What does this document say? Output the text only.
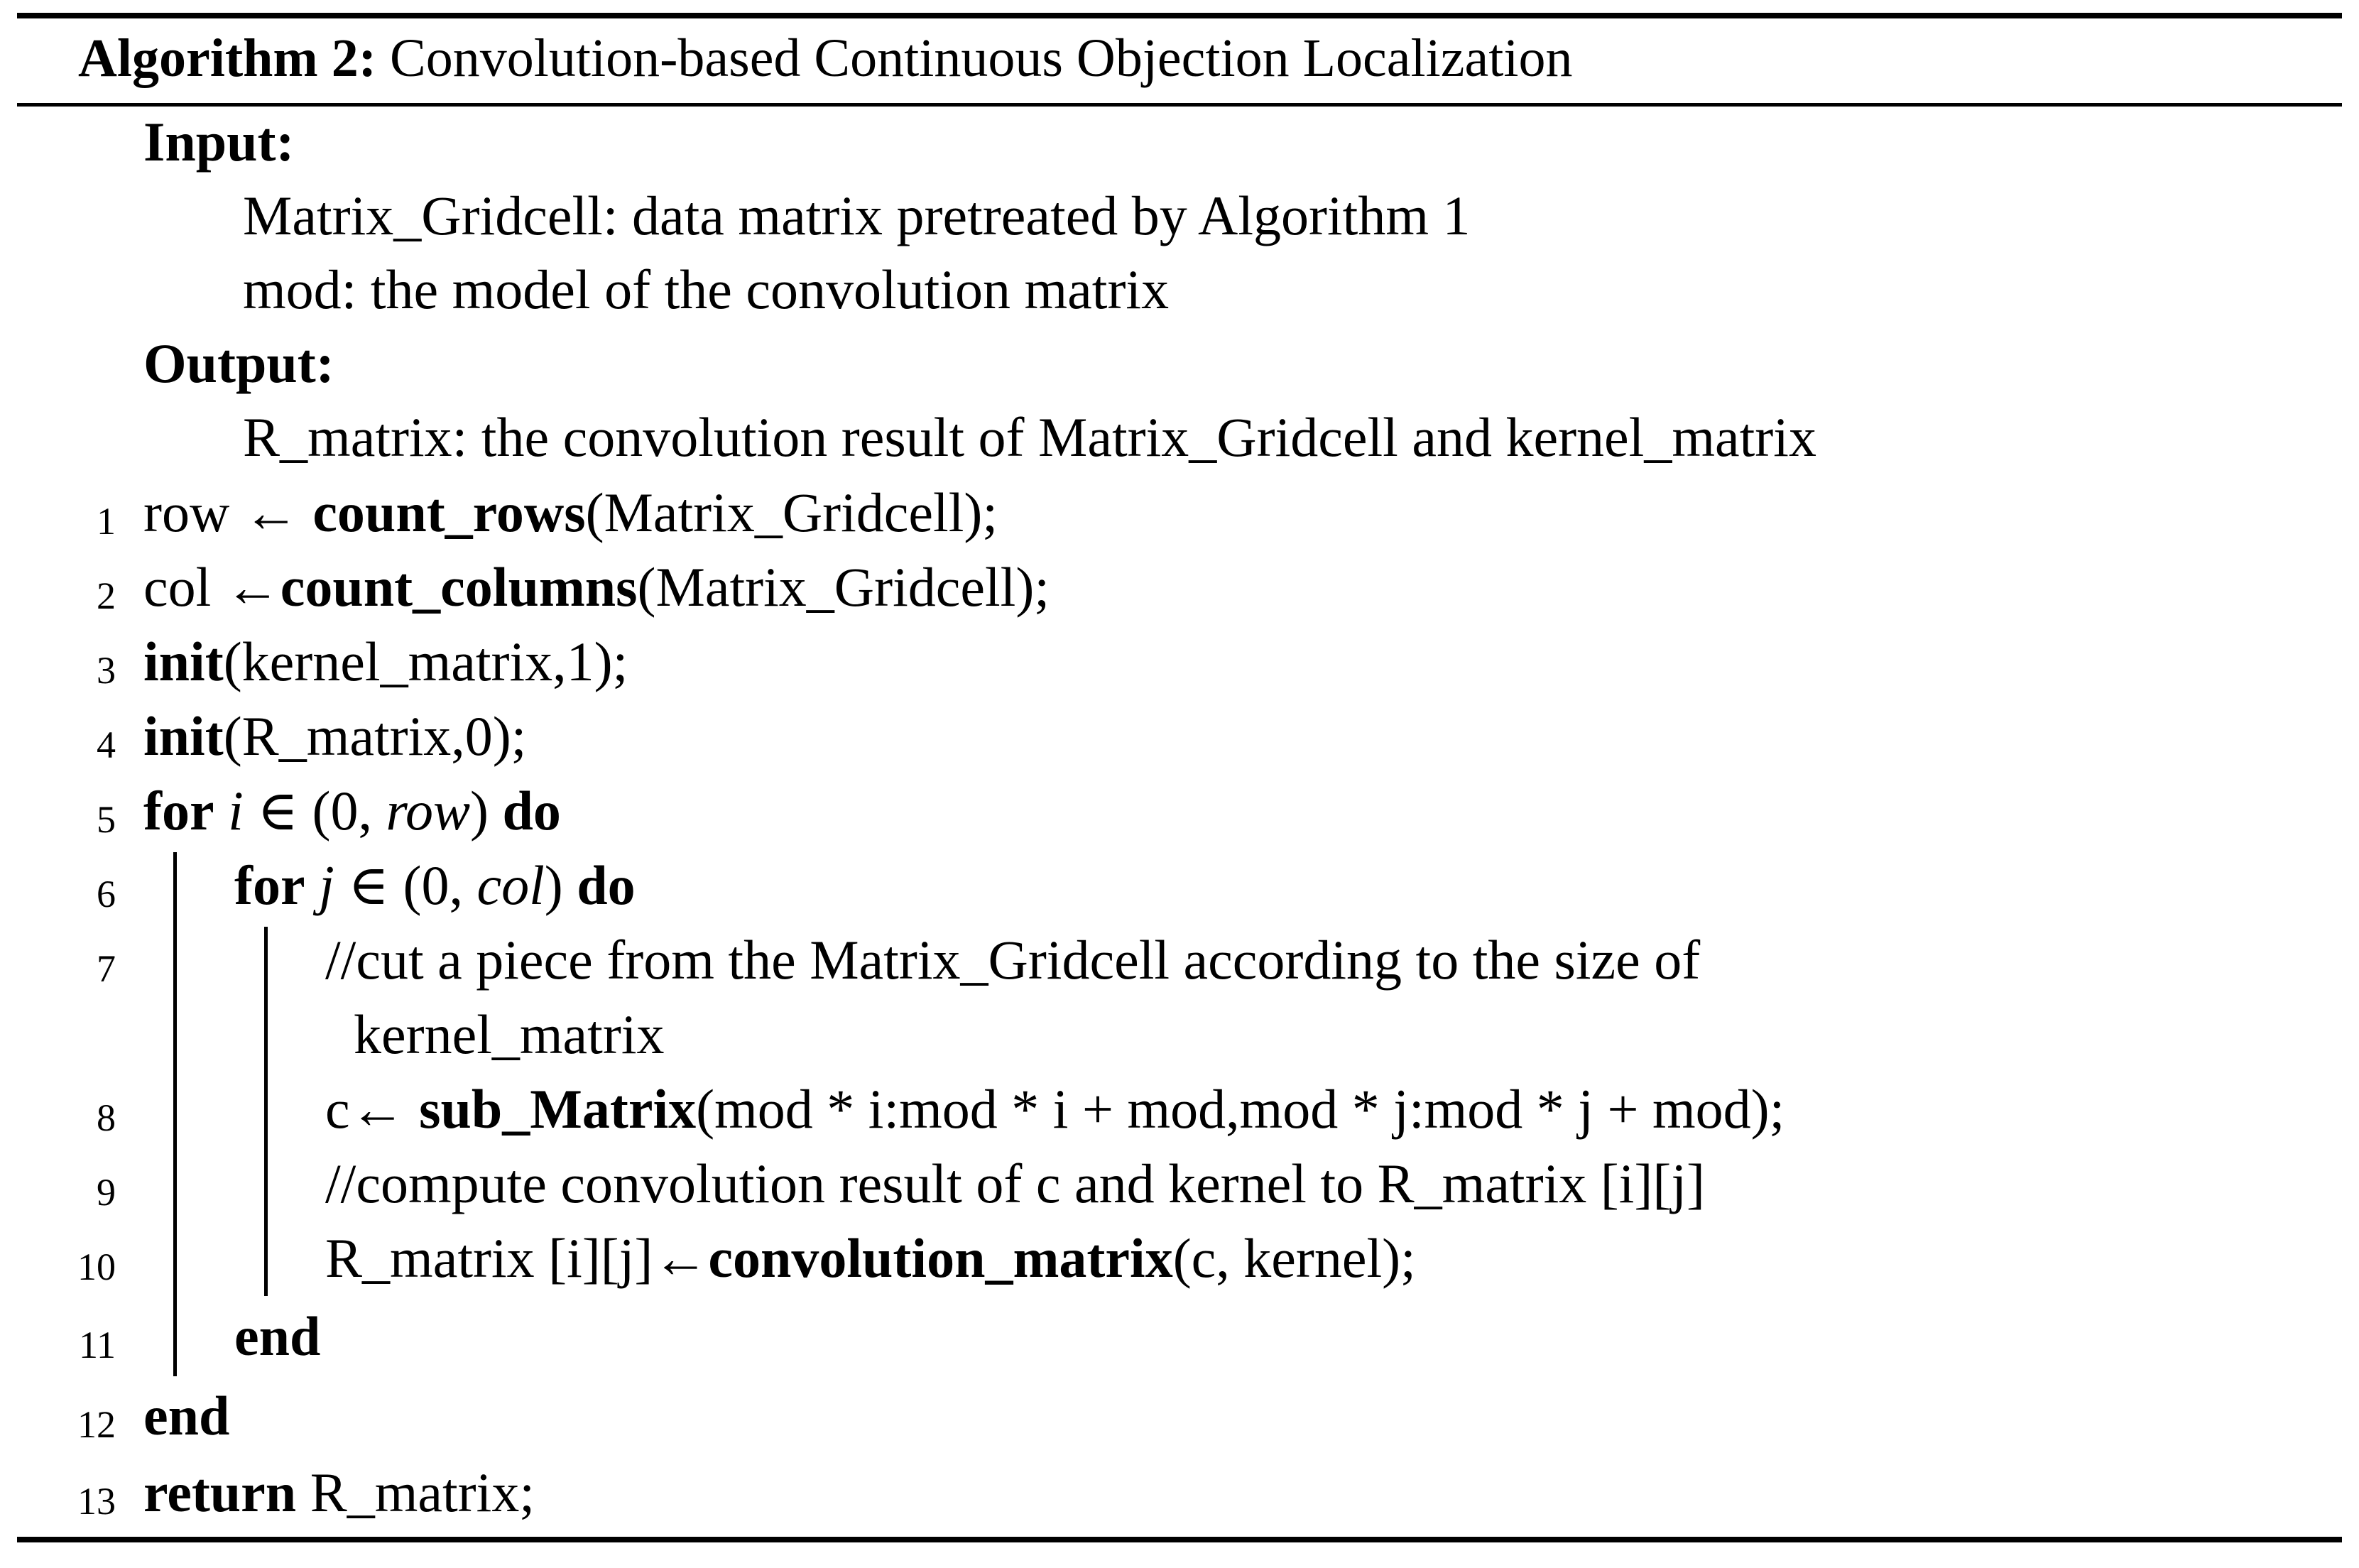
Algorithm 2: Convolution-based Continuous Objection Localization
Input:
Matrix_Gridcell: data matrix pretreated by Algorithm 1
mod: the model of the convolution matrix
Output:
R_matrix: the convolution result of Matrix_Gridcell and kernel_matrix
1 row ← count_rows(Matrix_Gridcell);
2 col ←count_columns(Matrix_Gridcell);
3 init(kernel_matrix,1);
4 init(R_matrix,0);
5 for i ∈ (0, row) do
6 for j ∈ (0, col) do
7	//cut a piece from the Matrix_Gridcell according to the size of
kernel_matrix
8	c← sub_Matrix(mod * i:mod * i + mod,mod * j:mod * j + mod);
9	//compute convolution result of c and kernel to R_matrix [i][j]
10	R_matrix [i][j]←convolution_matrix(c, kernel);
11 end
12 end
13 return R_matrix;
